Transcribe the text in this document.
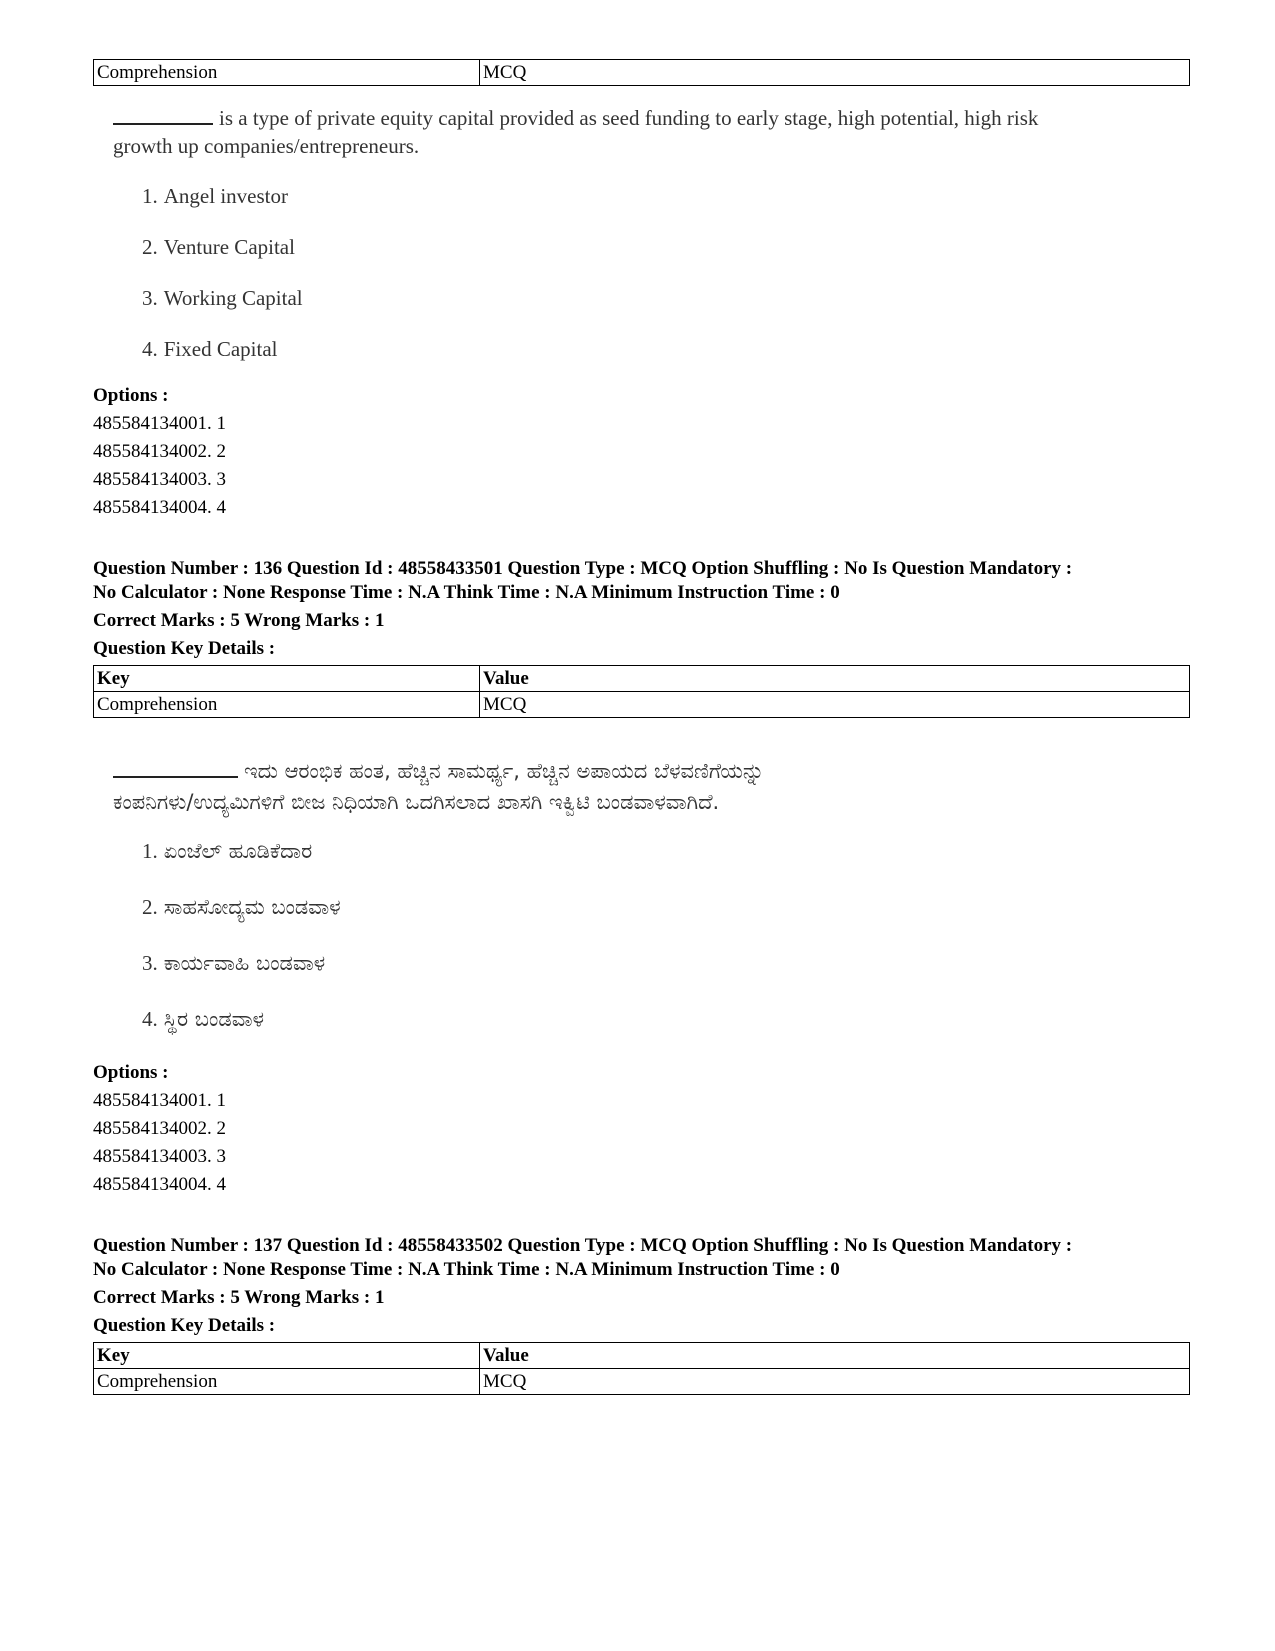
Comprehension	MCQ
is a type of private equity capital provided as seed funding to early stage, high potential, high risk
growth up companies/entrepreneurs.
1. Angel investor
2. Venture Capital
3. Working Capital
4. Fixed Capital
Options :
485584134001. 1
485584134002. 2
485584134003. 3
485584134004. 4
Question Number : 136 Question Id : 48558433501 Question Type : MCQ Option Shuffling : No Is Question Mandatory :
No Calculator : None Response Time : N.A Think Time : N.A Minimum Instruction Time : 0
Correct Marks : 5 Wrong Marks : 1
Question Key Details :
Key	Value
Comprehension	MCQ
ಇದು ಆರಂಭಿಕ ಹಂತ, ಹೆಚ್ಚಿನ ಸಾಮರ್ಥ್ಯ, ಹೆಚ್ಚಿನ ಅಪಾಯದ ಬೆಳವಣಿಗೆಯನ್ನು
ಕಂಪನಿಗಳು/ಉದ್ಯಮಿಗಳಿಗೆ ಬೀಜ ನಿಧಿಯಾಗಿ ಒದಗಿಸಲಾದ ಖಾಸಗಿ ಇಕ್ವಿಟಿ ಬಂಡವಾಳವಾಗಿದೆ.
1. ಏಂಜೆಲ್ ಹೂಡಿಕೆದಾರ
2. ಸಾಹಸೋದ್ಯಮ ಬಂಡವಾಳ
3. ಕಾರ್ಯವಾಹಿ ಬಂಡವಾಳ
4. ಸ್ಥಿರ ಬಂಡವಾಳ
Options :
485584134001. 1
485584134002. 2
485584134003. 3
485584134004. 4
Question Number : 137 Question Id : 48558433502 Question Type : MCQ Option Shuffling : No Is Question Mandatory :
No Calculator : None Response Time : N.A Think Time : N.A Minimum Instruction Time : 0
Correct Marks : 5 Wrong Marks : 1
Question Key Details :
Key	Value
Comprehension	MCQ
